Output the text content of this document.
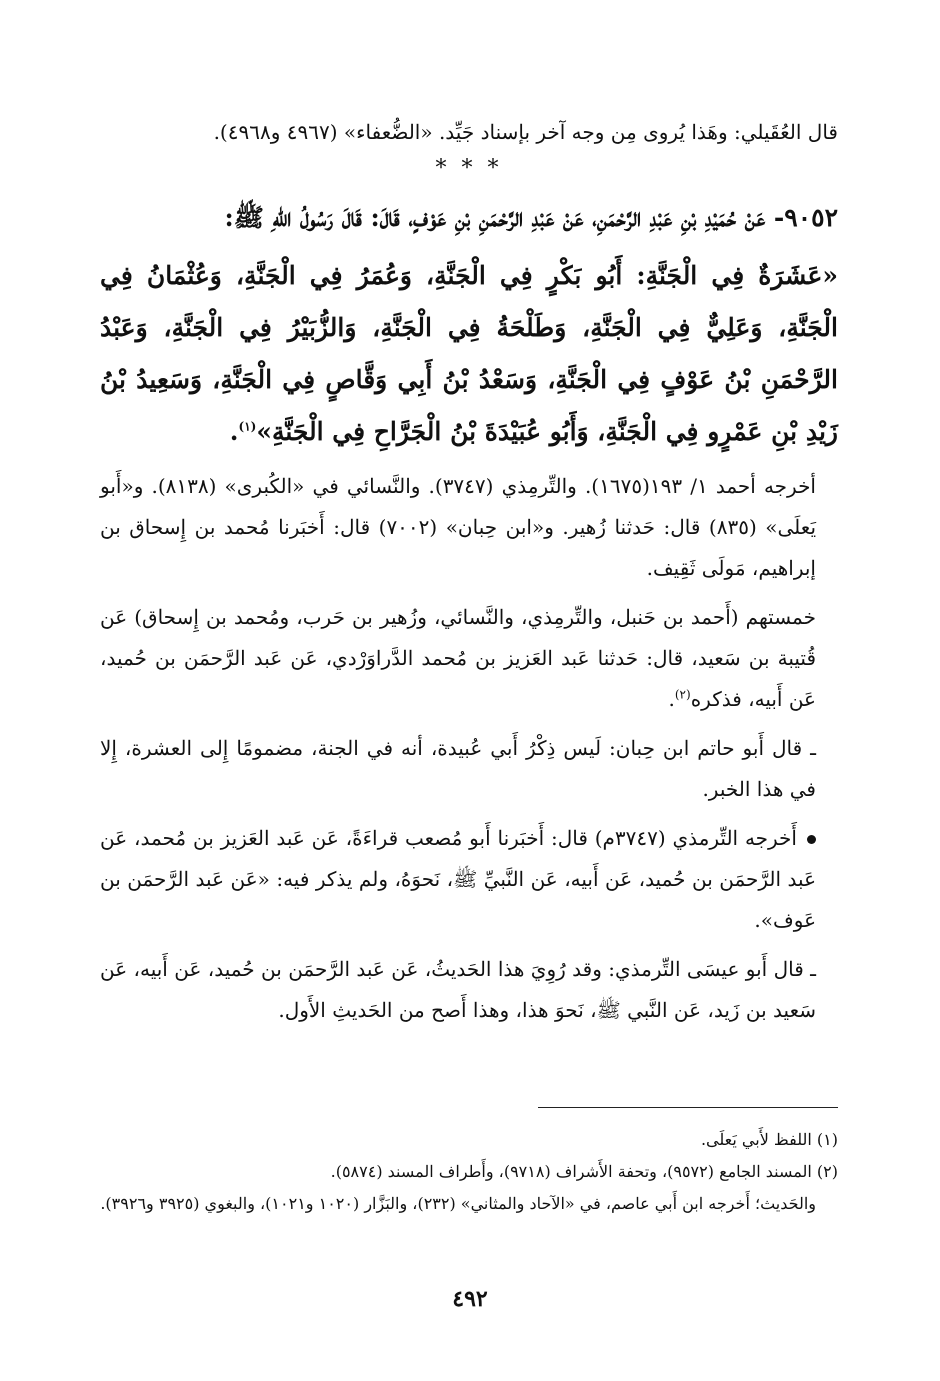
قال العُقَيلي: وهَذا يُروى مِن وجه آخر بإسناد جَيِّد. «الضُّعفاء» (٤٩٦٧ و٤٩٦٨).

* * *

٩٠٥٢- عَنْ حُمَيْدِ بْنِ عَبْدِ الرَّحْمَنِ، عَنْ عَبْدِ الرَّحْمَنِ بْنِ عَوْفٍ، قَالَ: قَالَ رَسُولُ اللهِ ﷺ:

«عَشَرَةٌ فِي الْجَنَّةِ: أَبُو بَكْرٍ فِي الْجَنَّةِ، وَعُمَرُ فِي الْجَنَّةِ، وَعُثْمَانُ فِي الْجَنَّةِ، وَعَلِيٌّ فِي الْجَنَّةِ، وَطَلْحَةُ فِي الْجَنَّةِ، وَالزُّبَيْرُ فِي الْجَنَّةِ، وَعَبْدُ الرَّحْمَنِ بْنُ عَوْفٍ فِي الْجَنَّةِ، وَسَعْدُ بْنُ أَبِي وَقَّاصٍ فِي الْجَنَّةِ، وَسَعِيدُ بْنُ زَيْدِ بْنِ عَمْرٍو فِي الْجَنَّةِ، وَأَبُو عُبَيْدَةَ بْنُ الْجَرَّاحِ فِي الْجَنَّةِ»$^{(١)}$.

أخرجه أحمد ١/ ١٩٣(١٦٧٥). والتِّرمِذي (٣٧٤٧). والنَّسائي في «الكُبرى» (٨١٣٨). و«أَبو يَعلَى» (٨٣٥) قال: حَدثنا زُهير. و«ابن حِبان» (٧٠٠٢) قال: أَخبَرنا مُحمد بن إِسحاق بن إبراهيم، مَولَى ثَقِيف.

خمستهم (أَحمد بن حَنبل، والتِّرمِذي، والنَّسائي، وزُهير بن حَرب، ومُحمد بن إِسحاق) عَن قُتيبة بن سَعيد، قال: حَدثنا عَبد العَزيز بن مُحمد الدَّراوَرْدي، عَن عَبد الرَّحمَن بن حُميد، عَن أَبيه، فذكره$^{(٢)}$.

ـ قال أَبو حاتم ابن حِبان: لَيس ذِكْرُ أَبي عُبيدة، أنه في الجنة، مضمومًا إِلى العشرة، إِلا في هذا الخبر.

أَخرجه التِّرمذي (٣٧٤٧م) قال: أَخبَرنا أَبو مُصعب قراءَةً، عَن عَبد العَزيز بن مُحمد، عَن عَبد الرَّحمَن بن حُميد، عَن أَبيه، عَن النَّبيِّ ﷺ، نَحوَهُ، ولم يذكر فيه: «عَن عَبد الرَّحمَن بن عَوف».

ـ قال أَبو عيسَى التِّرمذي: وقد رُوِيَ هذا الحَديثُ، عَن عَبد الرَّحمَن بن حُميد، عَن أَبيه، عَن سَعيد بن زَيد، عَن النَّبي ﷺ، نَحوَ هذا، وهذا أَصح من الحَديثِ الأَول.

(١) اللفظ لأَبي يَعلَى.

(٢) المسند الجامع (٩٥٧٢)، وتحفة الأَشراف (٩٧١٨)، وأَطراف المسند (٥٨٧٤).

والحَديث؛ أَخرجه ابن أَبي عاصم، في «الآحاد والمثاني» (٢٣٢)، والبَزَّار (١٠٢٠ و١٠٢١)، والبغوي (٣٩٢٥ و٣٩٢٦).

٤٩٢
